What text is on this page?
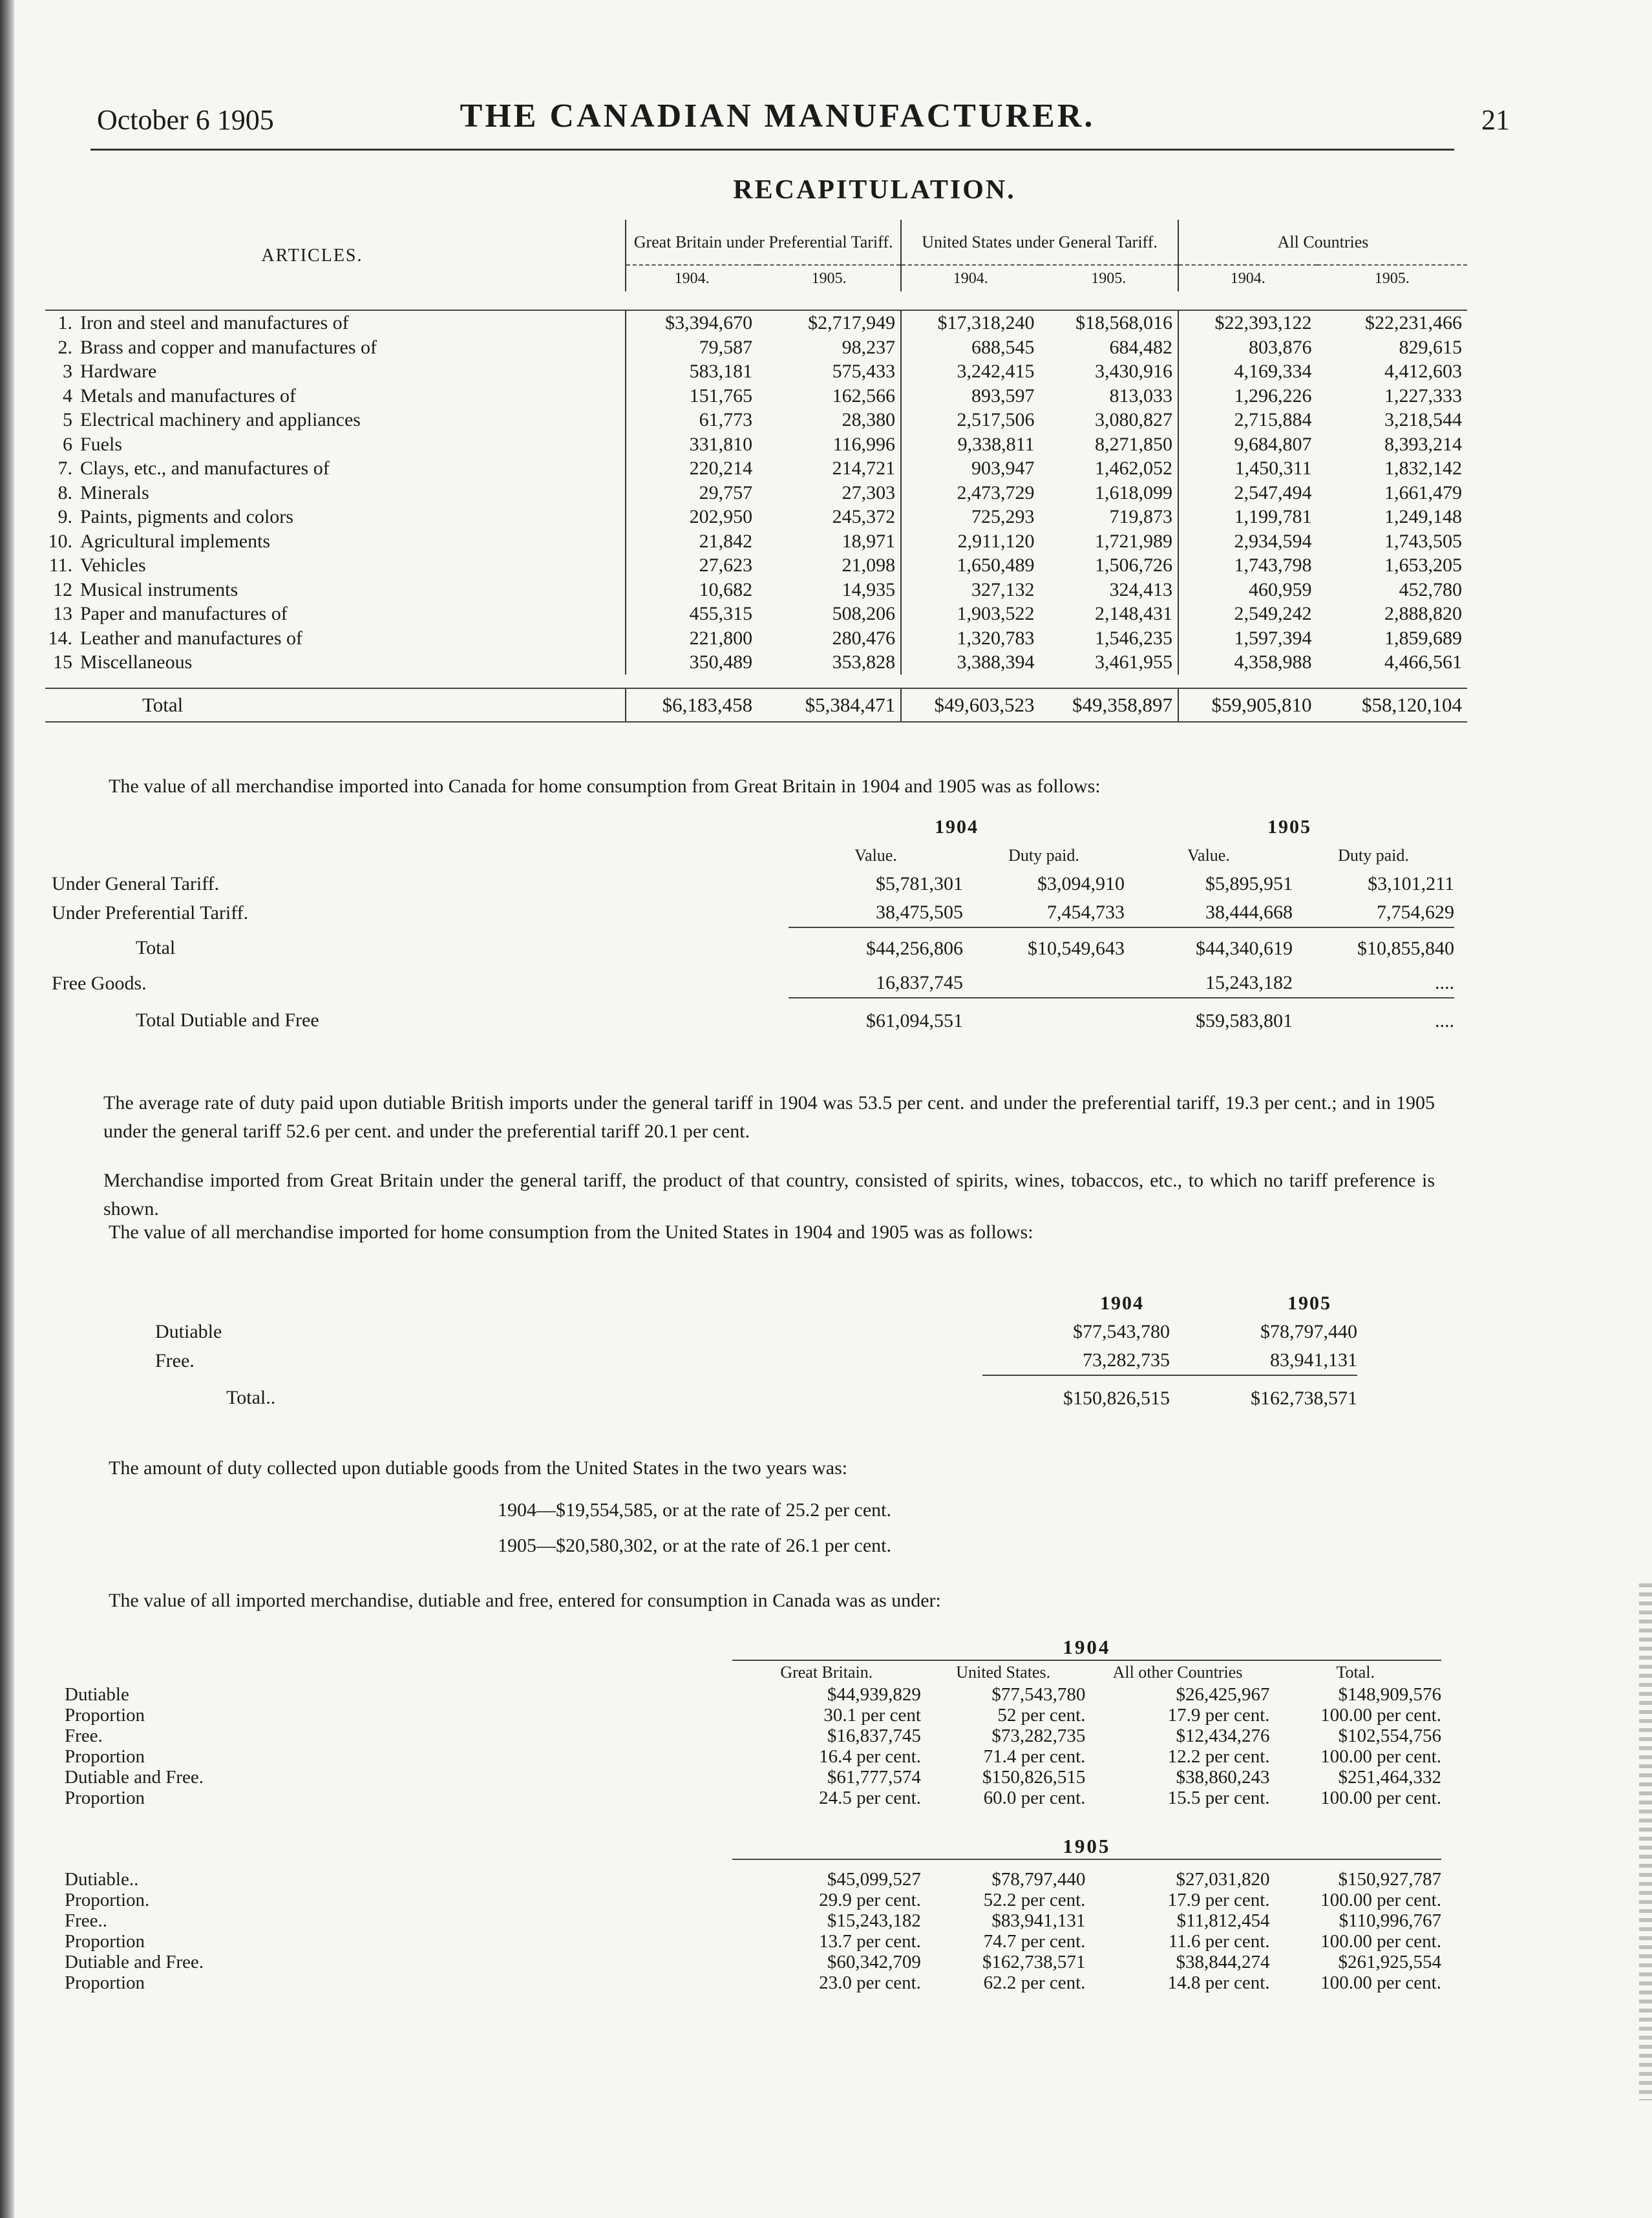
October 6 1905	THE CANADIAN MANUFACTURER.	21
RECAPITULATION.
ARTICLES.		Great Britain under Preferential Tariff.		United States under General Tariff.		All Countries	
		1904.	1905.	1904.	1905.	1904.	1905.

1. Iron and steel and manufactures of		$3,394,670	$2,717,949	$17,318,240	$18,568,016	$22,393,122	$22,231,466
2. Brass and copper and manufactures of		79,587	98,237	688,545	684,482	803,876	829,615
3 Hardware		583,181	575,433	3,242,415	3,430,916	4,169,334	4,412,603
4 Metals and manufactures of		151,765	162,566	893,597	813,033	1,296,226	1,227,333
5 Electrical machinery and appliances		61,773	28,380	2,517,506	3,080,827	2,715,884	3,218,544
6 Fuels		331,810	116,996	9,338,811	8,271,850	9,684,807	8,393,214
7. Clays, etc., and manufactures of		220,214	214,721	903,947	1,462,052	1,450,311	1,832,142
8. Minerals		29,757	27,303	2,473,729	1,618,099	2,547,494	1,661,479
9. Paints, pigments and colors		202,950	245,372	725,293	719,873	1,199,781	1,249,148
10. Agricultural implements		21,842	18,971	2,911,120	1,721,989	2,934,594	1,743,505
11. Vehicles		27,623	21,098	1,650,489	1,506,726	1,743,798	1,653,205
12 Musical instruments		10,682	14,935	327,132	324,413	460,959	452,780
13 Paper and manufactures of		455,315	508,206	1,903,522	2,148,431	2,549,242	2,888,820
14. Leather and manufactures of		221,800	280,476	1,320,783	1,546,235	1,597,394	1,859,689
15 Miscellaneous		350,489	353,828	3,388,394	3,461,955	4,358,988	4,466,561

Total		$6,183,458	$5,384,471	$49,603,523	$49,358,897	$59,905,810	$58,120,104
The value of all merchandise imported into Canada for home consumption from Great Britain in 1904 and 1905 was as follows:
	1904		1905	
	Value.	Duty paid.	Value.	Duty paid.
Under General Tariff.	$5,781,301	$3,094,910	$5,895,951	$3,101,211
Under Preferential Tariff.	38,475,505	7,454,733	38,444,668	7,754,629
Total	$44,256,806	$10,549,643	$44,340,619	$10,855,840
Free Goods.	16,837,745		15,243,182	....
Total Dutiable and Free	$61,094,551		$59,583,801	....
The average rate of duty paid upon dutiable British imports under the general tariff in 1904 was 53.5 per cent. and under the preferential tariff, 19.3 per cent.; and in 1905 under the general tariff 52.6 per cent. and under the preferential tariff 20.1 per cent.
Merchandise imported from Great Britain under the general tariff, the product of that country, consisted of spirits, wines, tobaccos, etc., to which no tariff preference is shown.
The value of all merchandise imported for home consumption from the United States in 1904 and 1905 was as follows:
	1904	1905
Dutiable	$77,543,780	$78,797,440
Free.	73,282,735	83,941,131
Total..	$150,826,515	$162,738,571
The amount of duty collected upon dutiable goods from the United States in the two years was:
1904—$19,554,585, or at the rate of 25.2 per cent.
1905—$20,580,302, or at the rate of 26.1 per cent.
The value of all imported merchandise, dutiable and free, entered for consumption in Canada was as under:
	1904			
	Great Britain.	United States.	All other Countries	Total.
Dutiable	$44,939,829	$77,543,780	$26,425,967	$148,909,576
Proportion	30.1 per cent	52 per cent.	17.9 per cent.	100.00 per cent.
Free.	$16,837,745	$73,282,735	$12,434,276	$102,554,756
Proportion	16.4 per cent.	71.4 per cent.	12.2 per cent.	100.00 per cent.
Dutiable and Free.	$61,777,574	$150,826,515	$38,860,243	$251,464,332
Proportion	24.5 per cent.	60.0 per cent.	15.5 per cent.	100.00 per cent.

	1905			

Dutiable..	$45,099,527	$78,797,440	$27,031,820	$150,927,787
Proportion.	29.9 per cent.	52.2 per cent.	17.9 per cent.	100.00 per cent.
Free..	$15,243,182	$83,941,131	$11,812,454	$110,996,767
Proportion	13.7 per cent.	74.7 per cent.	11.6 per cent.	100.00 per cent.
Dutiable and Free.	$60,342,709	$162,738,571	$38,844,274	$261,925,554
Proportion	23.0 per cent.	62.2 per cent.	14.8 per cent.	100.00 per cent.
